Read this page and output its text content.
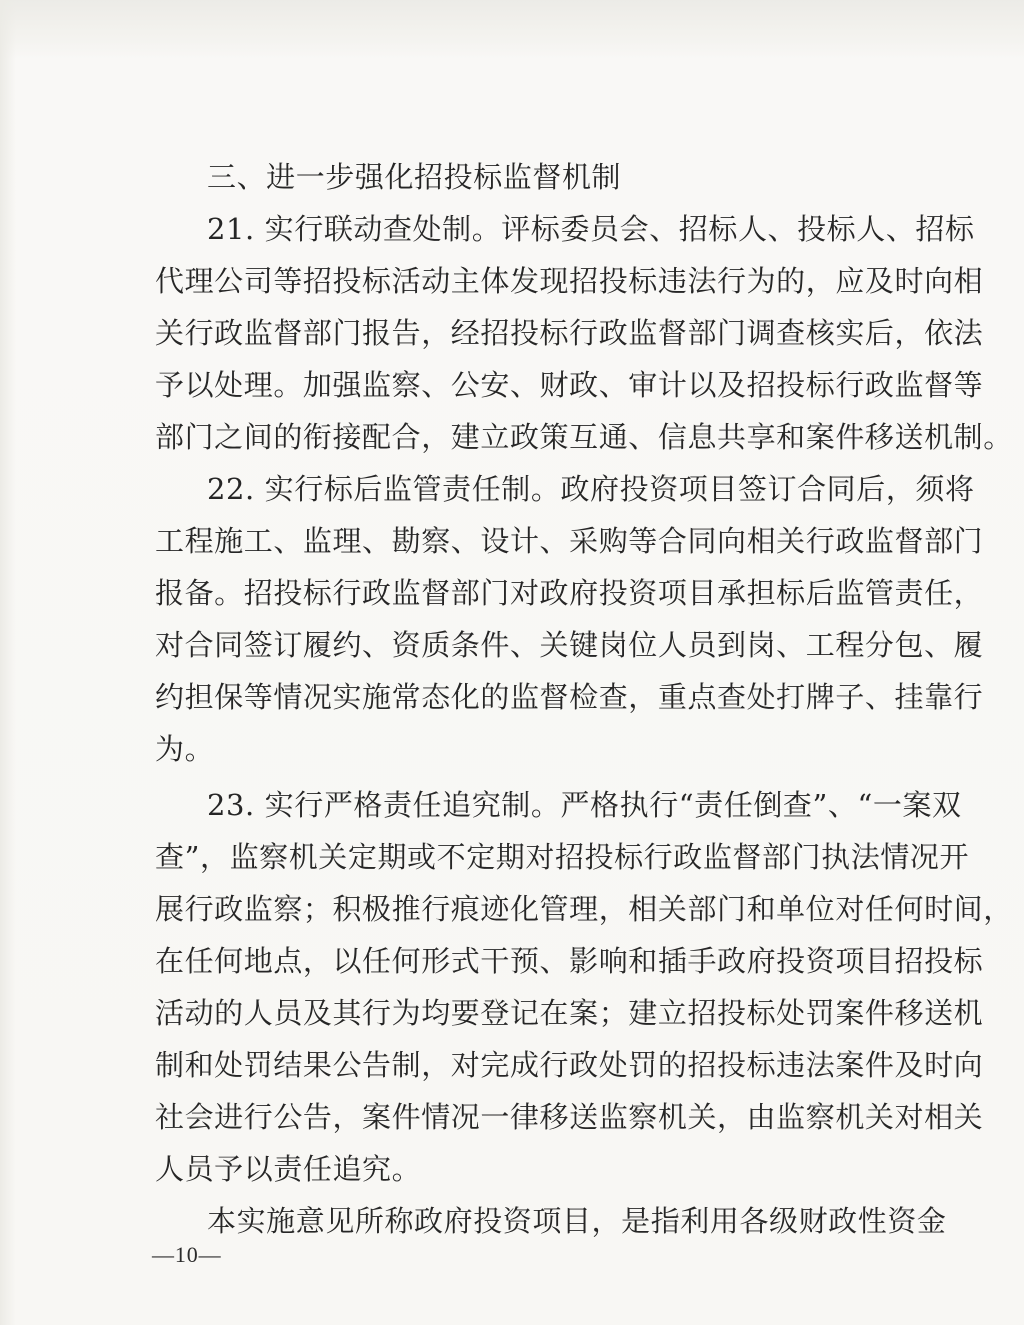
三、进一步强化招投标监督机制
21. 实行联动查处制。评标委员会、招标人、投标人、招标
代理公司等招投标活动主体发现招投标违法行为的，应及时向相
关行政监督部门报告，经招投标行政监督部门调查核实后，依法
予以处理。加强监察、公安、财政、审计以及招投标行政监督等
部门之间的衔接配合，建立政策互通、信息共享和案件移送机制。
22. 实行标后监管责任制。政府投资项目签订合同后，须将
工程施工、监理、勘察、设计、采购等合同向相关行政监督部门
报备。招投标行政监督部门对政府投资项目承担标后监管责任，
对合同签订履约、资质条件、关键岗位人员到岗、工程分包、履
约担保等情况实施常态化的监督检查，重点查处打牌子、挂靠行
为。
23. 实行严格责任追究制。严格执行“责任倒查”、“一案双
查”，监察机关定期或不定期对招投标行政监督部门执法情况开
展行政监察；积极推行痕迹化管理，相关部门和单位对任何时间，
在任何地点，以任何形式干预、影响和插手政府投资项目招投标
活动的人员及其行为均要登记在案；建立招投标处罚案件移送机
制和处罚结果公告制，对完成行政处罚的招投标违法案件及时向
社会进行公告，案件情况一律移送监察机关，由监察机关对相关
人员予以责任追究。
本实施意见所称政府投资项目，是指利用各级财政性资金
—10—
